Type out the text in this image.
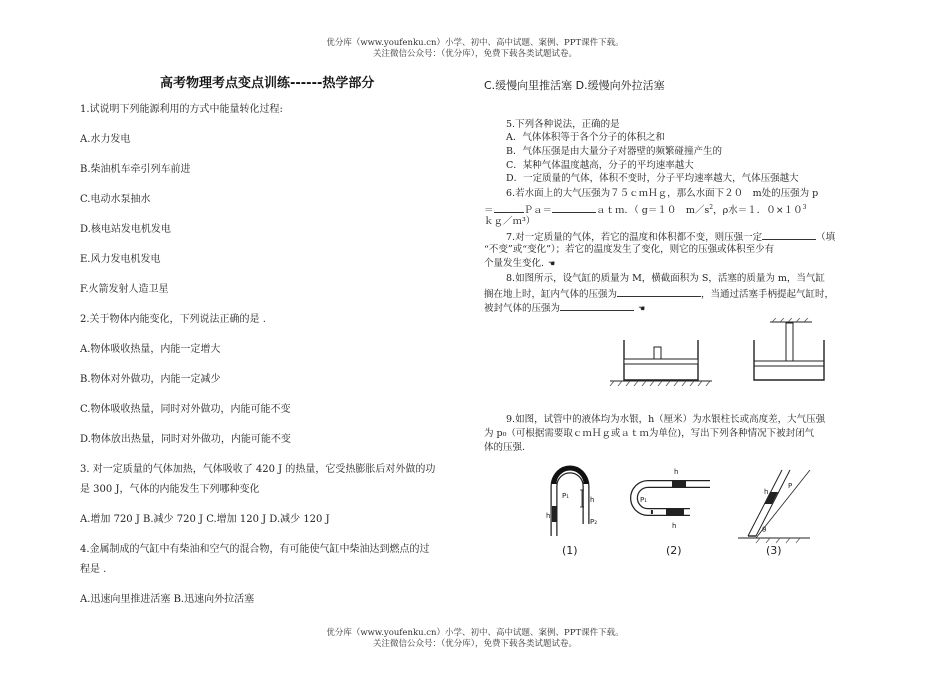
优分库（www.youfenku.cn）小学、初中、高中试题、案例、PPT课件下载。
关注微信公众号：（优分库），免费下载各类试题试卷。
高考物理考点变点训练------热学部分
1.试说明下列能源利用的方式中能量转化过程:
A.水力发电
B.柴油机车牵引列车前进
C.电动水泵抽水
D.核电站发电机发电
E.风力发电机发电
F.火箭发射人造卫星
2.关于物体内能变化，下列说法正确的是 .
A.物体吸收热量，内能一定增大
B.物体对外做功，内能一定减少
C.物体吸收热量，同时对外做功，内能可能不变
D.物体放出热量，同时对外做功，内能可能不变
3. 对一定质量的气体加热，气体吸收了 420 J 的热量，它受热膨胀后对外做的功
是 300 J，气体的内能发生下列哪种变化
A.增加 720 J B.减少 720 J C.增加 120 J D.减少 120 J
4.金属制成的气缸中有柴油和空气的混合物，有可能使气缸中柴油达到燃点的过
程是 .
A.迅速向里推进活塞 B.迅速向外拉活塞
C.缓慢向里推活塞 D.缓慢向外拉活塞
5.下列各种说法，正确的是
A．气体体积等于各个分子的体积之和
B．气体压强是由大量分子对器壁的频繁碰撞产生的
C．某种气体温度越高，分子的平均速率越大
D．一定质量的气体，体积不变时，分子平均速率越大，气体压强越大
6.若水面上的大气压强为７５ｃｍＨｇ，那么水面下２０　m处的压强为 p
＝	Ｐａ＝	ａｔｍ．（ g＝１０　$m/s^2$，ρ水＝１．$0\times 10^3$
ｋｇ／ｍ³）
7.对一定质量的气体，若它的温度和体积都不变，则压强一定	（填
“不变”或“变化”）；若它的温度发生了变化，则它的压强或体积至少有
个量发生变化. ☚
8.如图所示，设气缸的质量为 M，横截面积为 S，活塞的质量为 m，当气缸
搁在地上时，缸内气体的压强为	，当通过活塞手柄提起气缸时，
被封气体的压强为	☚
9.如图，试管中的液体均为水银，h（厘米）为水银柱长或高度差，大气压强
为 p₀（可根据需要取ｃｍＨｇ或ａｔｍ为单位)，写出下列各种情况下被封闭气
体的压强.
h
P₁	h
P₂
(1)
h
P₁
h
(2)
θ
P
h
(3)
优分库（www.youfenku.cn）小学、初中、高中试题、案例、PPT课件下载。
关注微信公众号：（优分库），免费下载各类试题试卷。
